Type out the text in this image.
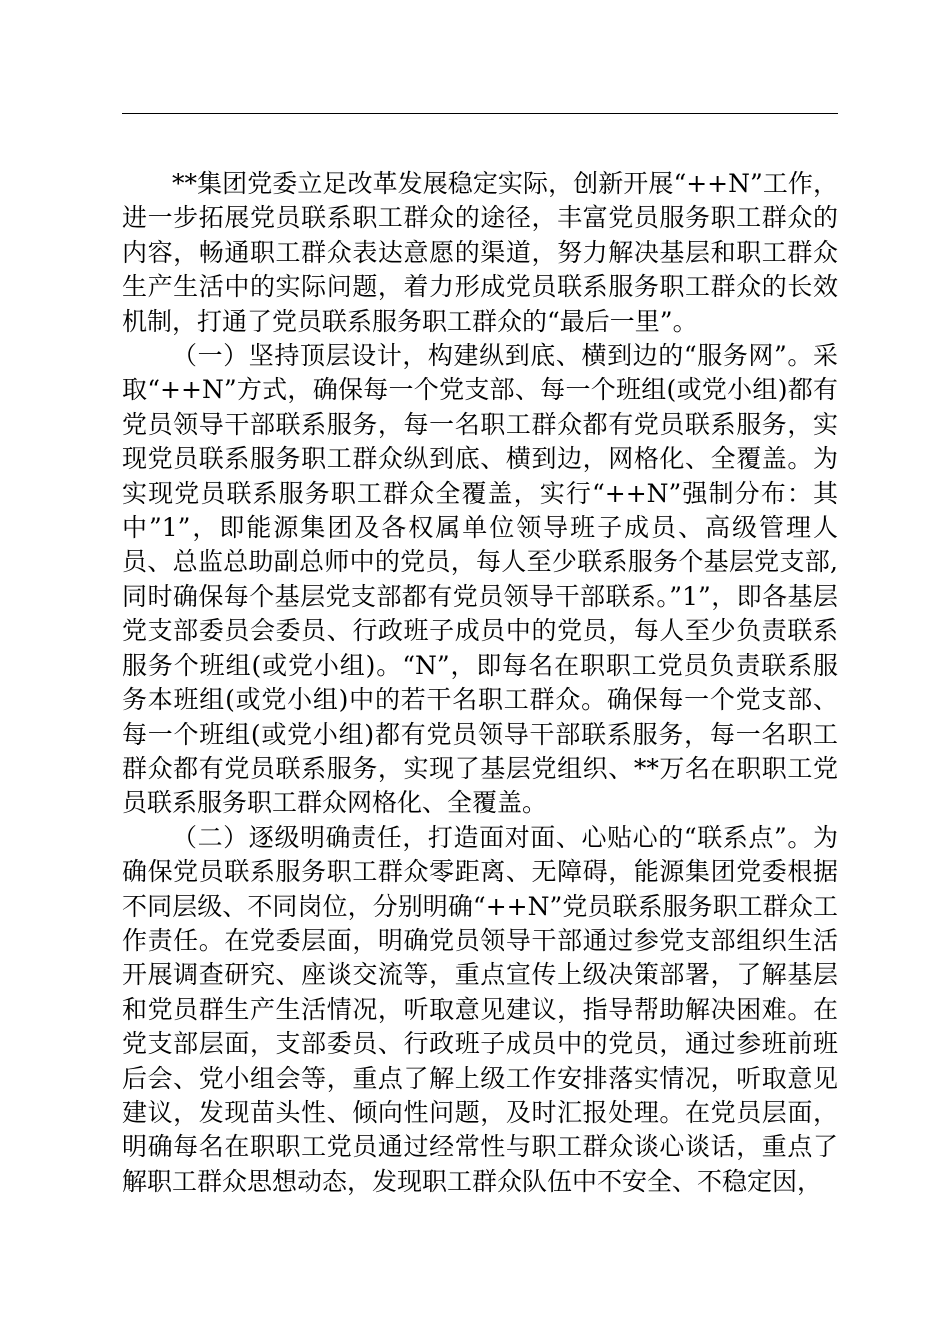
**集团党委立足改革发展稳定实际，创新开展“++N”工作，进一步拓展党员联系职工群众的途径，丰富党员服务职工群众的内容，畅通职工群众表达意愿的渠道，努力解决基层和职工群众生产生活中的实际问题，着力形成党员联系服务职工群众的长效机制，打通了党员联系服务职工群众的“最后一里”。

（一）坚持顶层设计，构建纵到底、横到边的“服务网”。采取“++N”方式，确保每一个党支部、每一个班组(或党小组)都有党员领导干部联系服务，每一名职工群众都有党员联系服务，实现党员联系服务职工群众纵到底、横到边，网格化、全覆盖。为实现党员联系服务职工群众全覆盖，实行“++N”强制分布：其中”1”，即能源集团及各权属单位领导班子成员、高级管理人员、总监总助副总师中的党员，每人至少联系服务个基层党支部,同时确保每个基层党支部都有党员领导干部联系。”1”，即各基层党支部委员会委员、行政班子成员中的党员，每人至少负责联系服务个班组(或党小组)。“N”，即每名在职职工党员负责联系服务本班组(或党小组)中的若干名职工群众。确保每一个党支部、每一个班组(或党小组)都有党员领导干部联系服务，每一名职工群众都有党员联系服务，实现了基层党组织、**万名在职职工党员联系服务职工群众网格化、全覆盖。

（二）逐级明确责任，打造面对面、心贴心的“联系点”。为确保党员联系服务职工群众零距离、无障碍，能源集团党委根据不同层级、不同岗位，分别明确“++N”党员联系服务职工群众工作责任。在党委层面，明确党员领导干部通过参党支部组织生活开展调查研究、座谈交流等，重点宣传上级决策部署，了解基层和党员群生产生活情况，听取意见建议，指导帮助解决困难。在党支部层面，支部委员、行政班子成员中的党员，通过参班前班后会、党小组会等，重点了解上级工作安排落实情况，听取意见建议，发现苗头性、倾向性问题，及时汇报处理。在党员层面，明确每名在职职工党员通过经常性与职工群众谈心谈话，重点了解职工群众思想动态，发现职工群众队伍中不安全、不稳定因，
